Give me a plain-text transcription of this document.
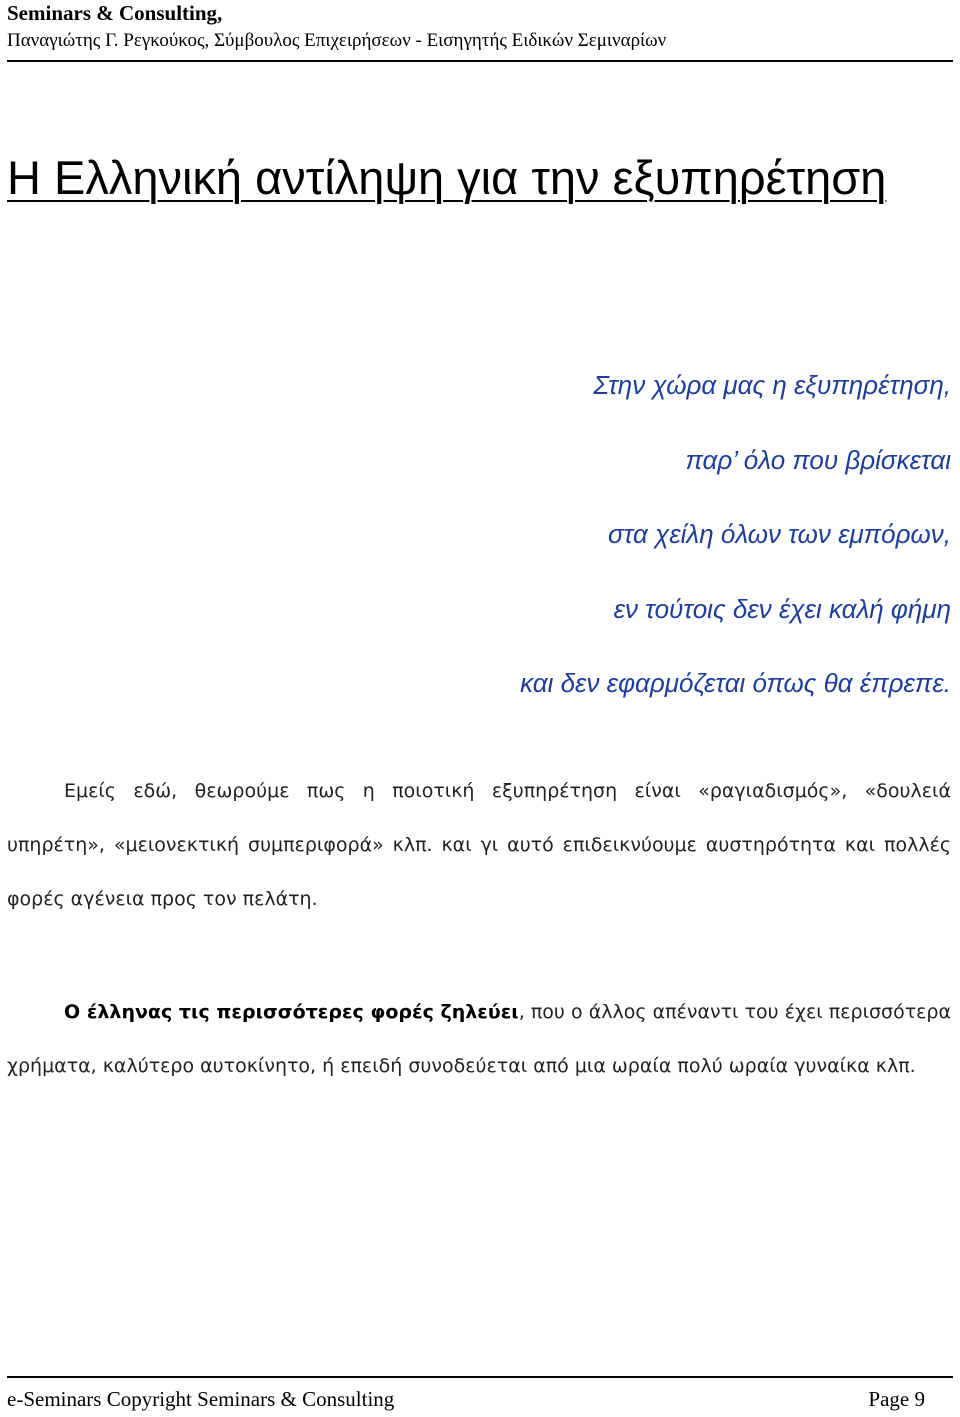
Seminars & Consulting,
Παναγιώτης Γ. Ρεγκούκος, Σύμβουλος Επιχειρήσεων - Εισηγητής Ειδικών Σεμιναρίων
Η Ελληνική αντίληψη για την εξυπηρέτηση
Στην χώρα μας η εξυπηρέτηση,
παρ’ όλο που βρίσκεται
στα χείλη όλων των εμπόρων,
εν τούτοις δεν έχει καλή φήμη
και δεν εφαρμόζεται όπως θα έπρεπε.

Εμείς εδώ, θεωρούμε πως η ποιοτική εξυπηρέτηση είναι «ραγιαδισμός», «δουλειά υπηρέτη», «μειονεκτική συμπεριφορά» κλπ. και γι αυτό επιδεικνύουμε αυστηρότητα και πολλές φορές αγένεια προς τον πελάτη.

Ο έλληνας τις περισσότερες φορές ζηλεύει, που ο άλλος απέναντι του έχει περισσότερα χρήματα, καλύτερο αυτοκίνητο, ή επειδή συνοδεύεται από μια ωραία πολύ ωραία γυναίκα κλπ.

e-Seminars Copyright Seminars & Consulting	Page 9
